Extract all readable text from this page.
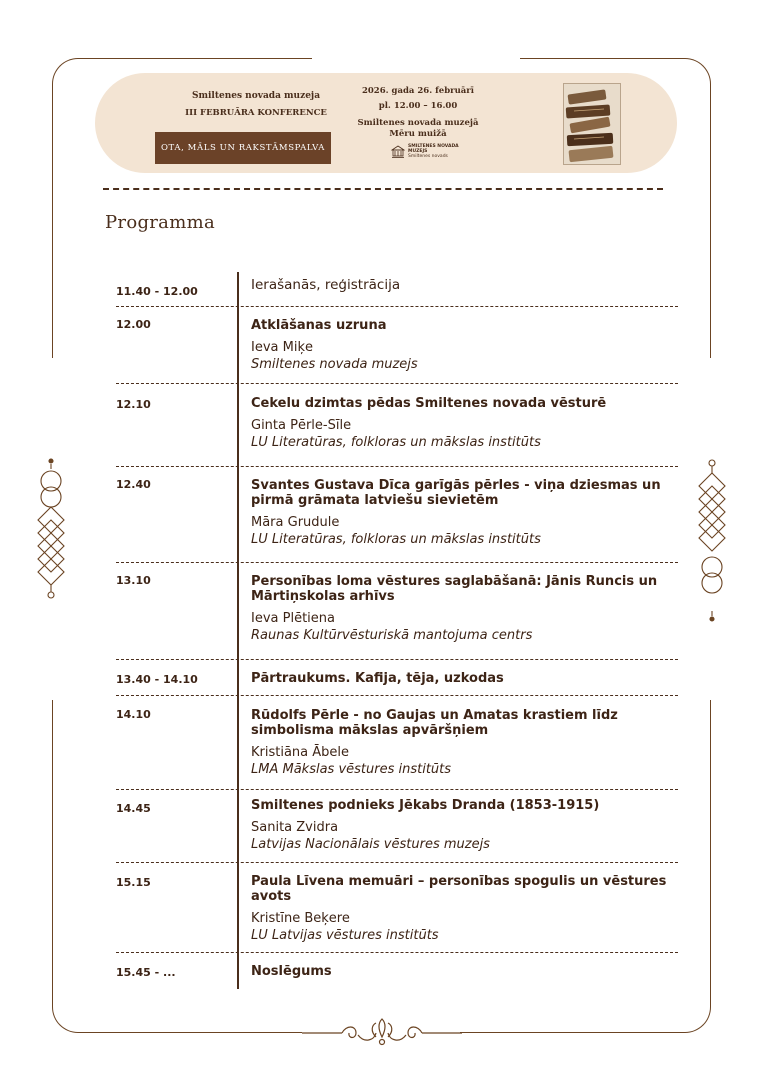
Smiltenes novada muzeja
III FEBRUĀRA KONFERENCE
OTA, MĀLS UN RAKSTĀMSPALVA
2026. gada 26. februārī
pl. 12.00 – 16.00
Smiltenes novada muzejā
Mēru muižā
SMILTENES NOVADA
MUZEJS
Smiltenes novads
Programma
11.40 - 12.00	Ierašanās, reģistrācija
12.00	Atklāšanas uzruna
Ieva Miķe
Smiltenes novada muzejs
12.10	Cekelu dzimtas pēdas Smiltenes novada vēsturē
Ginta Pērle-Sīle
LU Literatūras, folkloras un mākslas institūts
12.40	Svantes Gustava Dīca garīgās pērles - viņa dziesmas un pirmā grāmata latviešu sievietēm
Māra Grudule
LU Literatūras, folkloras un mākslas institūts
13.10	Personības loma vēstures saglabāšanā: Jānis Runcis un Mārtiņskolas arhīvs
Ieva Plētiena
Raunas Kultūrvēsturiskā mantojuma centrs
13.40 - 14.10	Pārtraukums. Kafija, tēja, uzkodas
14.10	Rūdolfs Pērle - no Gaujas un Amatas krastiem līdz simbolisma mākslas apvāršņiem
Kristiāna Ābele
LMA Mākslas vēstures institūts
14.45	Smiltenes podnieks Jēkabs Dranda (1853-1915)
Sanita Zvidra
Latvijas Nacionālais vēstures muzejs
15.15	Paula Līvena memuāri – personības spogulis un vēstures avots
Kristīne Beķere
LU Latvijas vēstures institūts
15.45 - ...	Noslēgums
